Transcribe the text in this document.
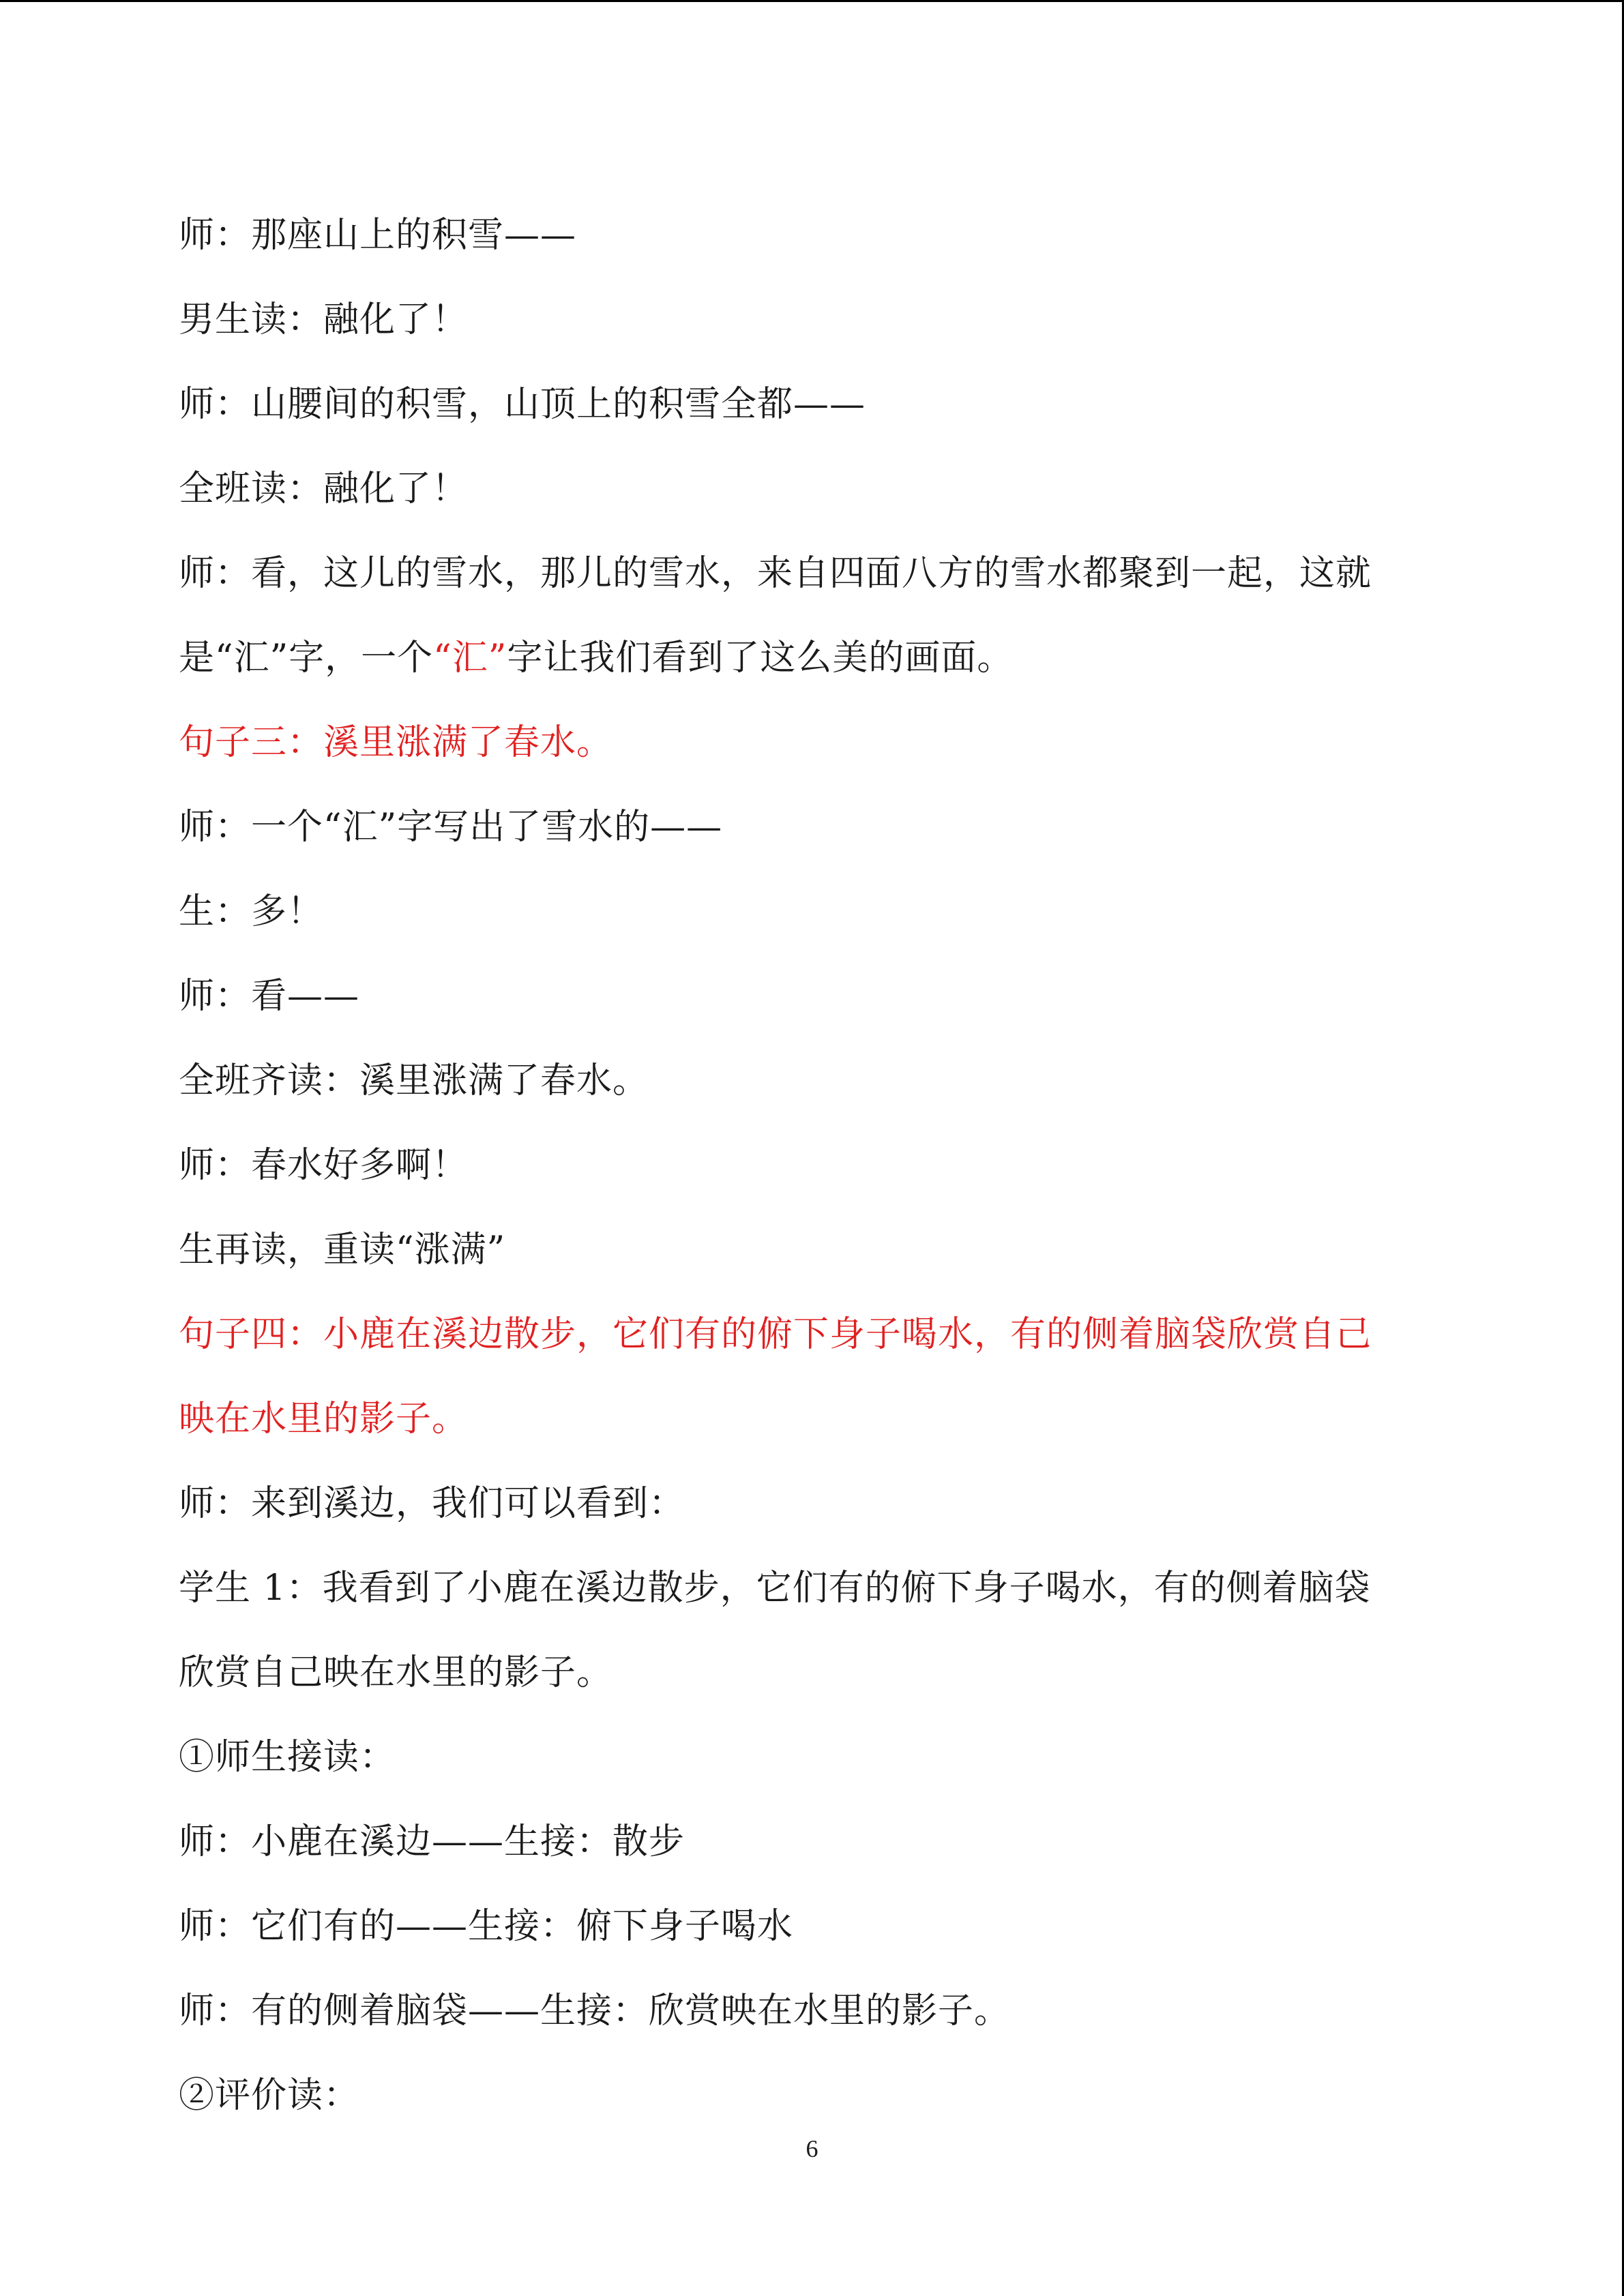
师：那座山上的积雪——
男生读：融化了！
师：山腰间的积雪，山顶上的积雪全都——
全班读：融化了！
师：看，这儿的雪水，那儿的雪水，来自四面八方的雪水都聚到一起，这就
是“汇”字，一个“汇”字让我们看到了这么美的画面。
句子三：溪里涨满了春水。
师：一个“汇”字写出了雪水的——
生：多！
师：看——
全班齐读：溪里涨满了春水。
师：春水好多啊！
生再读，重读“涨满”
句子四：小鹿在溪边散步，它们有的俯下身子喝水，有的侧着脑袋欣赏自己
映在水里的影子。
师：来到溪边，我们可以看到：
学生 1：我看到了小鹿在溪边散步，它们有的俯下身子喝水，有的侧着脑袋
欣赏自己映在水里的影子。
①师生接读：
师：小鹿在溪边——生接：散步
师：它们有的——生接：俯下身子喝水
师：有的侧着脑袋——生接：欣赏映在水里的影子。
②评价读：
6
